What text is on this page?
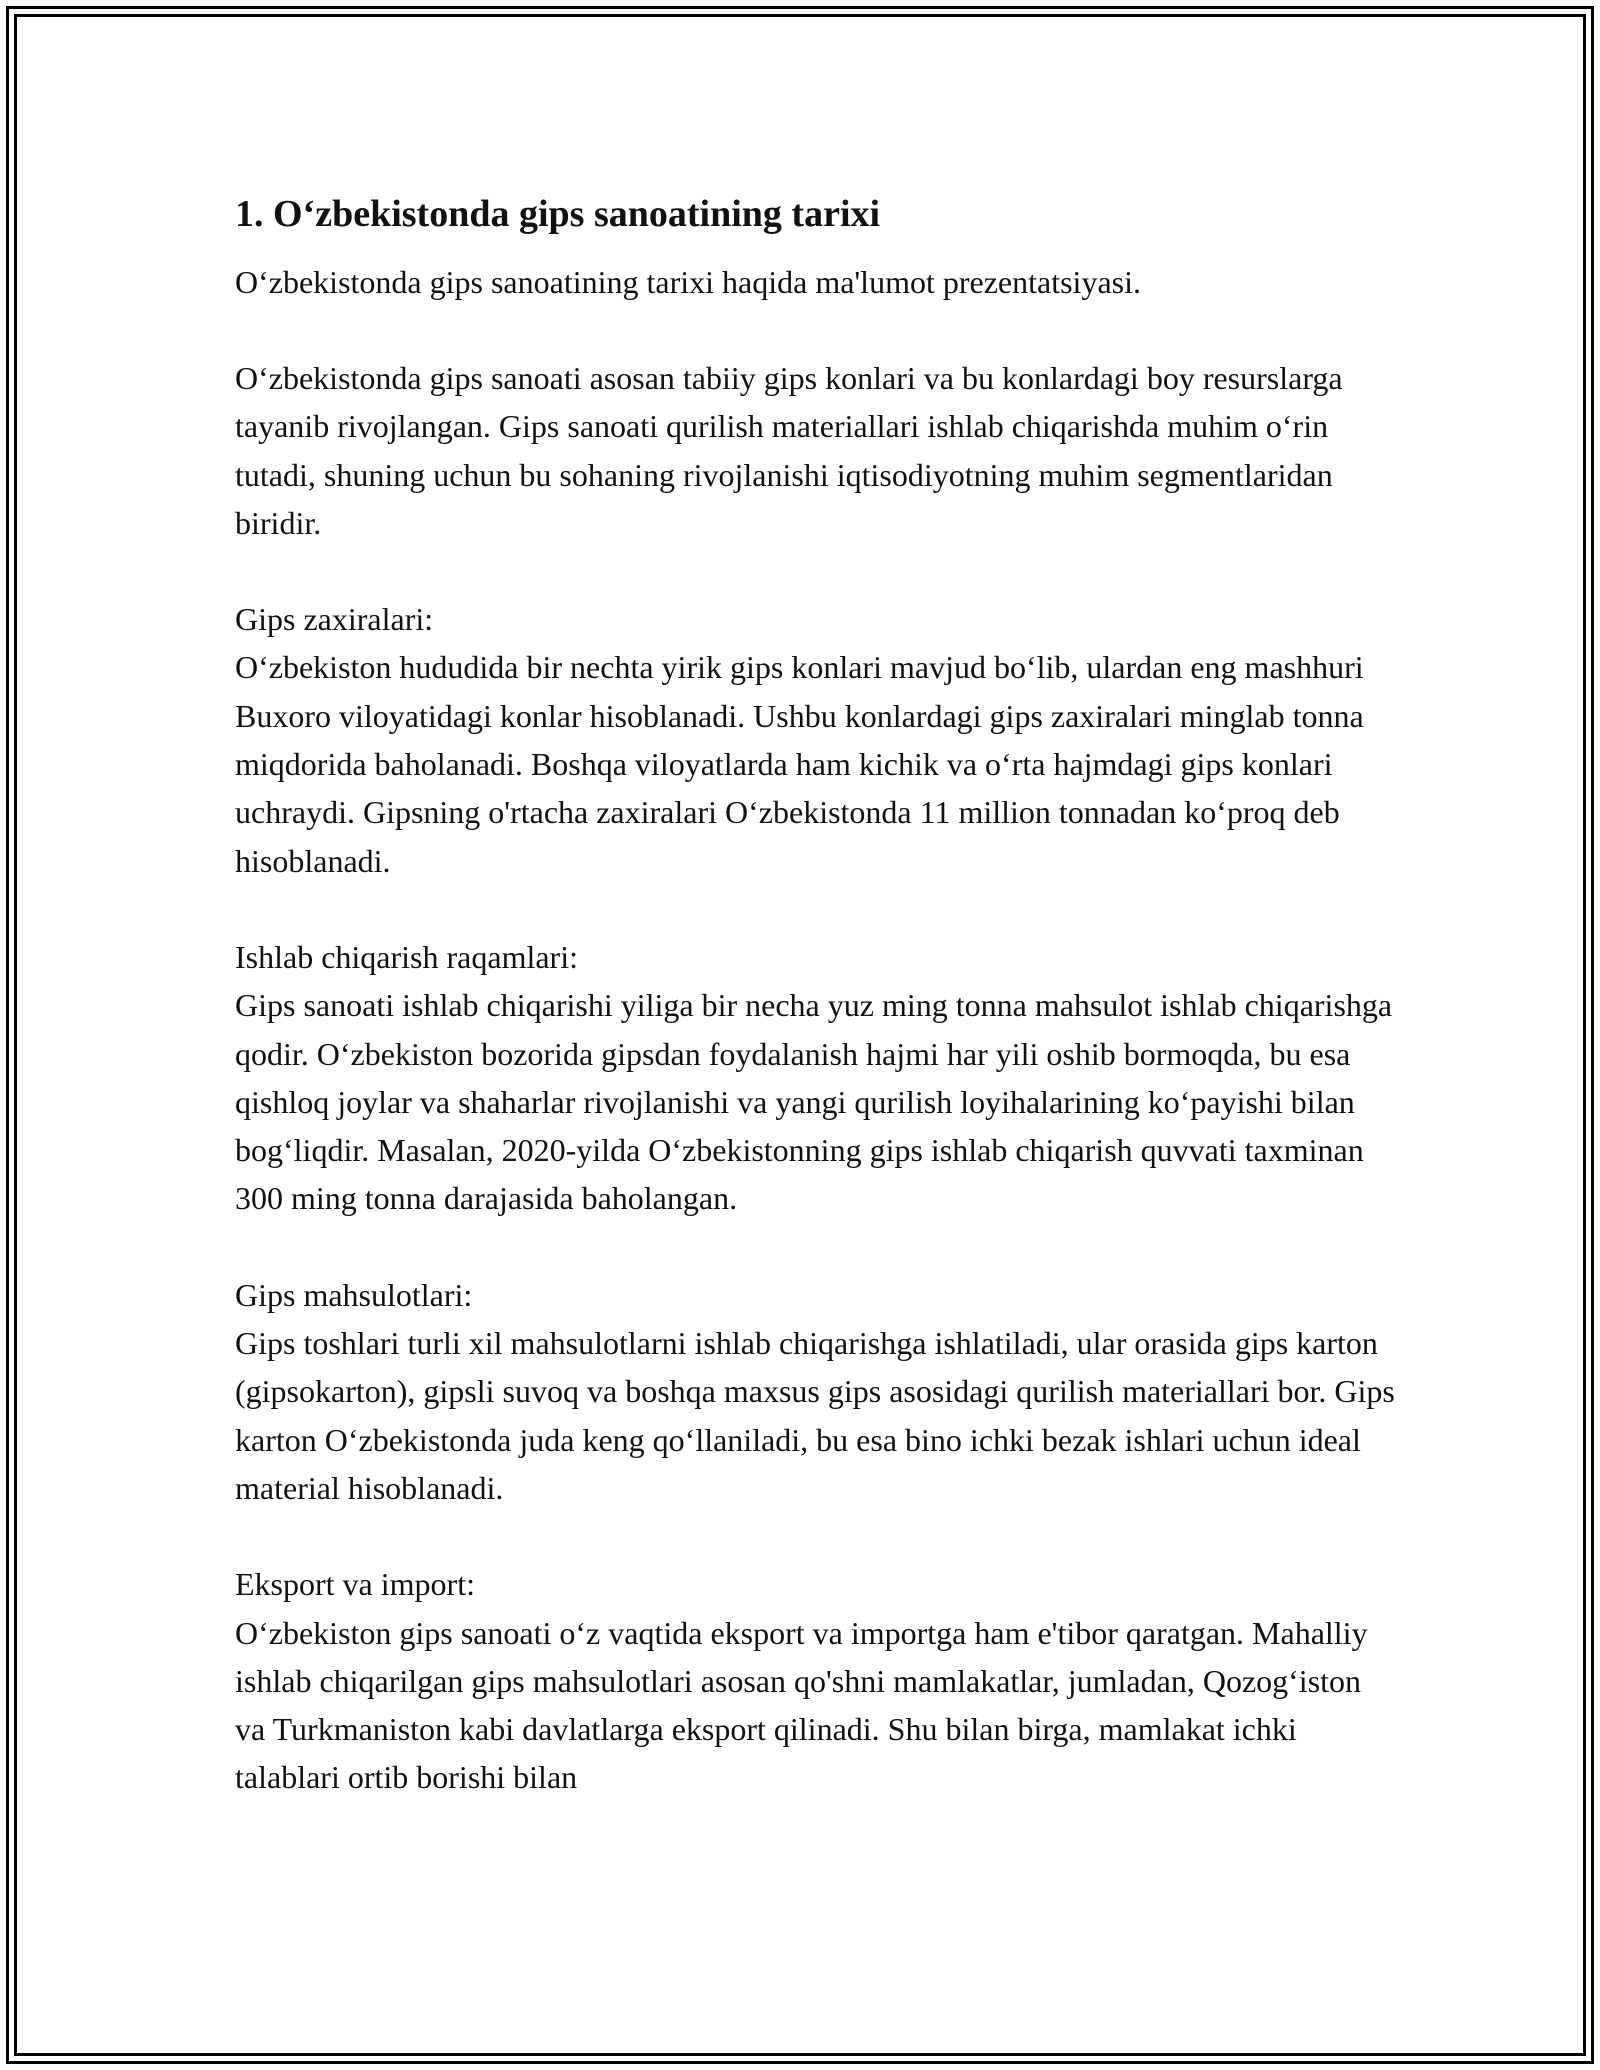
1. O‘zbekistonda gips sanoatining tarixi

O‘zbekistonda gips sanoatining tarixi haqida ma'lumot prezentatsiyasi.

O‘zbekistonda gips sanoati asosan tabiiy gips konlari va bu konlardagi boy resurslarga tayanib rivojlangan. Gips sanoati qurilish materiallari ishlab chiqarishda muhim o‘rin tutadi, shuning uchun bu sohaning rivojlanishi iqtisodiyotning muhim segmentlaridan biridir.

Gips zaxiralari:
O‘zbekiston hududida bir nechta yirik gips konlari mavjud bo‘lib, ulardan eng mashhuri Buxoro viloyatidagi konlar hisoblanadi. Ushbu konlardagi gips zaxiralari minglab tonna miqdorida baholanadi. Boshqa viloyatlarda ham kichik va o‘rta hajmdagi gips konlari uchraydi. Gipsning o'rtacha zaxiralari O‘zbekistonda 11 million tonnadan ko‘proq deb hisoblanadi.
Ishlab chiqarish raqamlari:
Gips sanoati ishlab chiqarishi yiliga bir necha yuz ming tonna mahsulot ishlab chiqarishga qodir. O‘zbekiston bozorida gipsdan foydalanish hajmi har yili oshib bormoqda, bu esa qishloq joylar va shaharlar rivojlanishi va yangi qurilish loyihalarining ko‘payishi bilan bog‘liqdir. Masalan, 2020-yilda O‘zbekistonning gips ishlab chiqarish quvvati taxminan 300 ming tonna darajasida baholangan.
Gips mahsulotlari:
Gips toshlari turli xil mahsulotlarni ishlab chiqarishga ishlatiladi, ular orasida gips karton (gipsokarton), gipsli suvoq va boshqa maxsus gips asosidagi qurilish materiallari bor. Gips karton O‘zbekistonda juda keng qo‘llaniladi, bu esa bino ichki bezak ishlari uchun ideal material hisoblanadi.
Eksport va import:
O‘zbekiston gips sanoati o‘z vaqtida eksport va importga ham e'tibor qaratgan. Mahalliy ishlab chiqarilgan gips mahsulotlari asosan qo'shni mamlakatlar, jumladan, Qozog‘iston va Turkmaniston kabi davlatlarga eksport qilinadi. Shu bilan birga, mamlakat ichki talablari ortib borishi bilan
